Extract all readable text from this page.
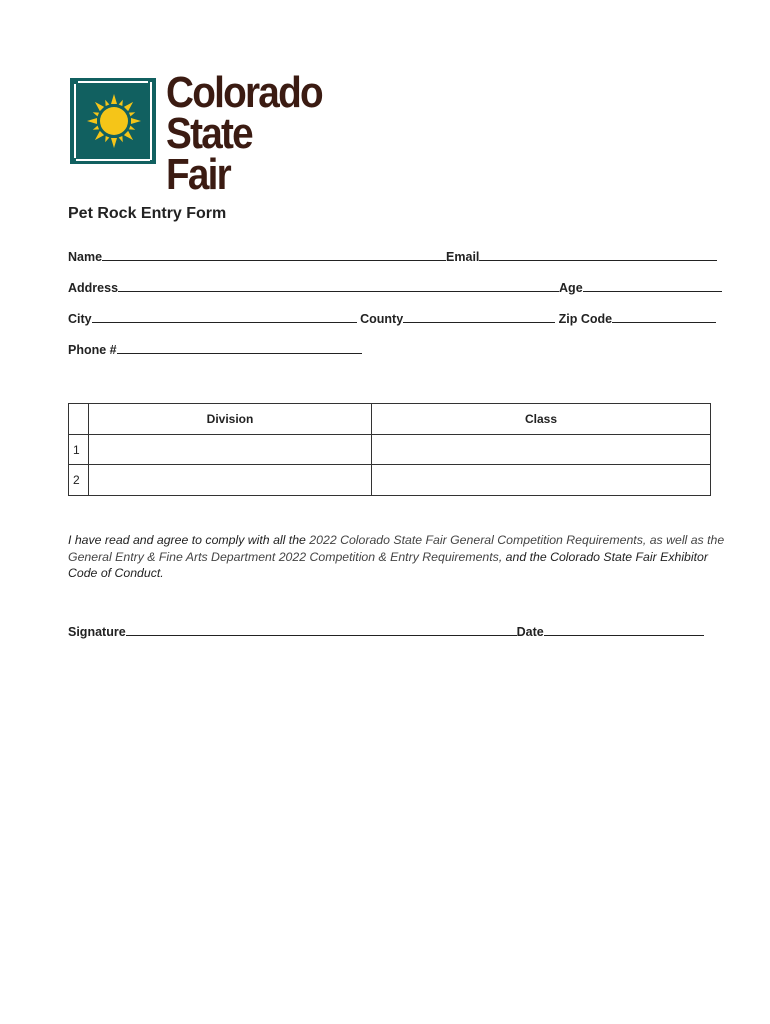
Colorado
State Fair
Pet Rock Entry Form
Name	Email
Address	Age
City	County	Zip Code
Phone #
	Division	Class
1		
2		
I have read and agree to comply with all the 2022 Colorado State Fair General Competition Requirements, as well as the General Entry & Fine Arts Department 2022 Competition & Entry Requirements, and the Colorado State Fair Exhibitor Code of Conduct.
Signature	Date
